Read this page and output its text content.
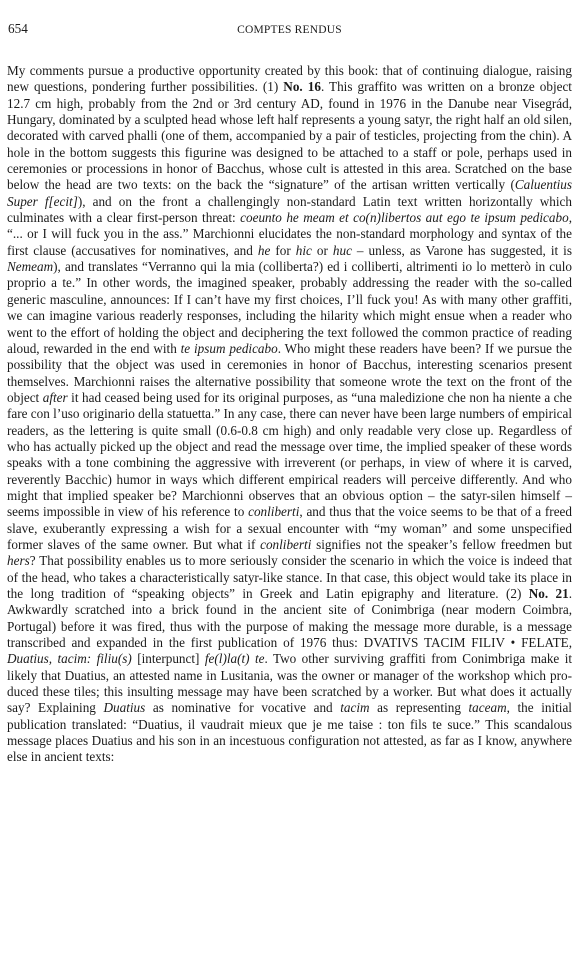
654	COMPTES RENDUS

My comments pursue a productive opportunity created by this book: that of continuing dialogue, raising new questions, pondering further possibilities. (1) No. 16. This graffito was written on a bronze object 12.7 cm high, probably from the 2nd or 3rd century AD, found in 1976 in the Danube near Visegrád, Hungary, dominated by a sculpted head whose left half represents a young satyr, the right half an old silen, decorated with carved phalli (one of them, accompanied by a pair of testicles, projecting from the chin). A hole in the bottom suggests this figurine was designed to be attached to a staff or pole, perhaps used in ceremonies or processions in honor of Bacchus, whose cult is attested in this area. Scratched on the base below the head are two texts: on the back the “signature” of the artisan written vertically (Caluentius Super f[ecit]), and on the front a challengingly non-standard Latin text written horizontally which culminates with a clear first-person threat: coeunto he meam et co(n)libertos aut ego te ipsum pedicabo, “... or I will fuck you in the ass.” Marchionni elucidates the non-standard morphology and syntax of the first clause (accusatives for nominatives, and he for hic or huc – unless, as Varone has suggested, it is Nemeam), and translates “Verranno qui la mia (colliberta?) ed i colliberti, altrimenti io lo metterò in culo proprio a te.” In other words, the imagined speaker, probably addressing the reader with the so-called generic masculine, announces: If I can’t have my first choices, I’ll fuck you! As with many other graffiti, we can imagine various readerly responses, including the hilarity which might ensue when a reader who went to the effort of holding the object and deciphering the text followed the common practice of reading aloud, rewarded in the end with te ipsum pedicabo. Who might these readers have been? If we pursue the possibility that the object was used in ceremonies in honor of Bacchus, interesting scenarios present themselves. Marchionni raises the alternative possibility that someone wrote the text on the front of the object after it had ceased being used for its original purposes, as “una maledizione che non ha niente a che fare con l’uso originario della statuetta.” In any case, there can never have been large numbers of empirical readers, as the lettering is quite small (0.6-0.8 cm high) and only readable very close up. Regardless of who has actually picked up the object and read the message over time, the implied speaker of these words speaks with a tone combining the aggressive with irreverent (or perhaps, in view of where it is carved, reverently Bacchic) humor in ways which different empirical readers will perceive differently. And who might that implied speaker be? Marchionni observes that an obvious option – the satyr-silen himself – seems impossible in view of his reference to conliberti, and thus that the voice seems to be that of a freed slave, exuberantly expressing a wish for a sexual encounter with “my woman” and some unspecified former slaves of the same owner. But what if conliberti signifies not the speaker’s fellow freedmen but hers? That possibility enables us to more seriously consider the scenario in which the voice is indeed that of the head, who takes a characteristically satyr-like stance. In that case, this object would take its place in the long tradition of “speaking objects” in Greek and Latin epigraphy and literature. (2) No. 21. Awkwardly scratched into a brick found in the ancient site of Conimbriga (near modern Coimbra, Portugal) before it was fired, thus with the purpose of making the message more durable, is a message transcribed and expanded in the first publication of 1976 thus: DVATIVS TACIM FILIV • FELATE, Duatius, tacim: filiu(s) [interpunct] fe(l)la(t) te. Two other surviving graffiti from Conimbriga make it likely that Duatius, an attested name in Lusitania, was the owner or manager of the workshop which produced these tiles; this insulting message may have been scratched by a worker. But what does it actually say? Explaining Duatius as nominative for vocative and tacim as representing taceam, the initial publication translated: “Duatius, il vaudrait mieux que je me taise : ton fils te suce.” This scandalous message places Duatius and his son in an incestuous configuration not attested, as far as I know, anywhere else in ancient texts:
